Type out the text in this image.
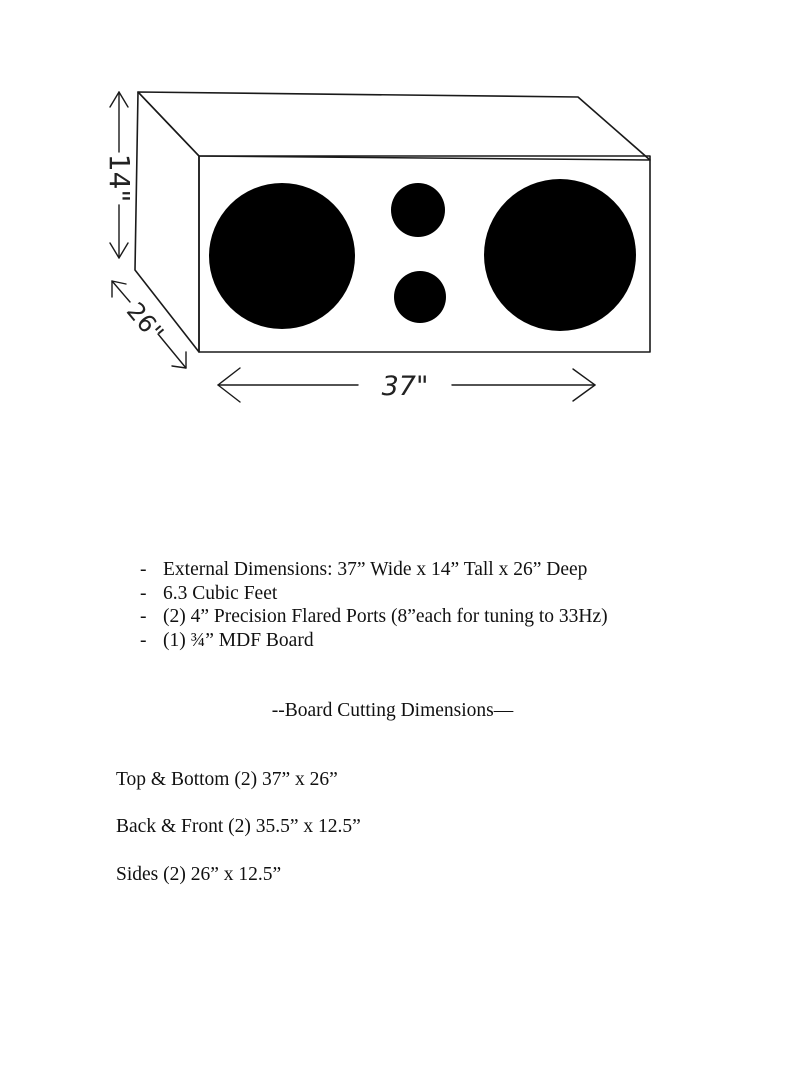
14"
26"
37"
- External Dimensions: 37” Wide x 14” Tall x 26” Deep
- 6.3 Cubic Feet
- (2) 4” Precision Flared Ports (8”each for tuning to 33Hz)
- (1) ¾” MDF Board
--Board Cutting Dimensions—

Top & Bottom (2) 37” x 26”

Back & Front (2) 35.5” x 12.5”

Sides (2) 26” x 12.5”
